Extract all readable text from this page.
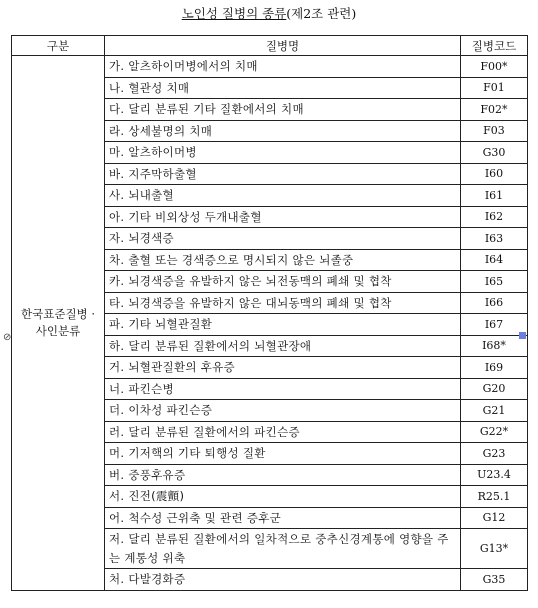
노인성 질병의 종류(제2조 관련)
⊘
구분	질병명	질병코드
한국표준질병 ·
사인분류	가. 알츠하이머병에서의 치매	F00*
	나. 혈관성 치매	F01
	다. 달리 분류된 기타 질환에서의 치매	F02*
	라. 상세불명의 치매	F03
	마. 알츠하이머병	G30
	바. 지주막하출혈	I60
	사. 뇌내출혈	I61
	아. 기타 비외상성 두개내출혈	I62
	자. 뇌경색증	I63
	차. 출혈 또는 경색증으로 명시되지 않은 뇌졸중	I64
	카. 뇌경색증을 유발하지 않은 뇌전동맥의 폐쇄 및 협착	I65
	타. 뇌경색증을 유발하지 않은 대뇌동맥의 폐쇄 및 협착	I66
	파. 기타 뇌혈관질환	I67
	하. 달리 분류된 질환에서의 뇌혈관장애	I68*
	거. 뇌혈관질환의 후유증	I69
	너. 파킨슨병	G20
	더. 이차성 파킨슨증	G21
	러. 달리 분류된 질환에서의 파킨슨증	G22*
	머. 기저핵의 기타 퇴행성 질환	G23
	버. 중풍후유증	U23.4
	서. 진전(震顫)	R25.1
	어. 척수성 근위축 및 관련 증후군	G12
	저. 달리 분류된 질환에서의 일차적으로 중추신경계통에 영향을 주는 계통성 위축	G13*
	처. 다발경화증	G35
